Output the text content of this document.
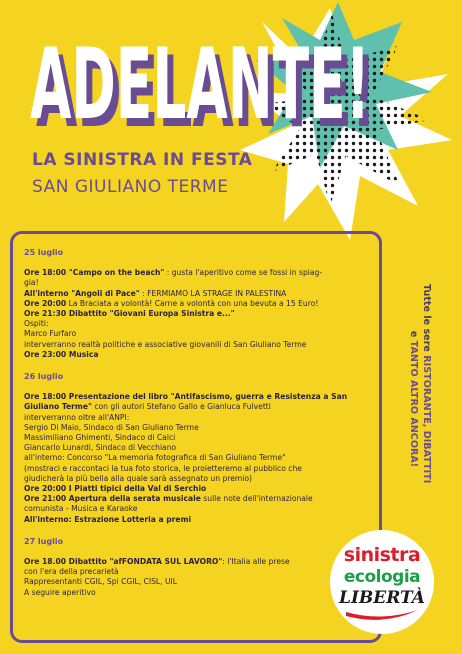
ADELANTE!
ADELANTE!
LA SINISTRA IN FESTA
SAN GIULIANO TERME
25 luglio

Ore 18:00 "Campo on the beach" : gusta l'aperitivo come se fossi in spiag-

gia!

All'interno "Angoli di Pace" : FERMIAMO LA STRAGE IN PALESTINA

Ore 20:00 La Braciata a volontà! Carne a volontà con una bevuta a 15 Euro!

Ore 21:30 Dibattito "Giovani Europa Sinistra e..."

Ospiti:

Marco Furfaro

interverranno realtà politiche e associative giovanili di San Giuliano Terme

Ore 23:00 Musica

26 luglio

Ore 18:00 Presentazione del libro "Antifascismo, guerra e Resistenza a San

Giuliano Terme" con gli autori Stefano Gallo e Gianluca Fulvetti

interverranno oltre all'ANPI:

Sergio Di Maio, Sindaco di San Giuliano Terme

Massimiliano Ghimenti, Sindaco di Calci

Giancarlo Lunardi, Sindaco di Vecchiano

all'interno: Concorso "La memoria fotografica di San Giuliano Terme"

(mostraci e raccontaci la tua foto storica, le proietteremo al pubblico che

giudicherà la più bella alla quale sarà assegnato un premio)

Ore 20:00 I Piatti tipici della Val di Serchio

Ore 21:00 Apertura della serata musicale sulle note dell'internazionale

comunista - Musica e Karaoke

All'interno: Estrazione Lotteria a premi

27 luglio

Ore 18.00 Dibattito "afFONDATA SUL LAVORO": l'Italia alle prese

con l'era della precarietà

Rappresentanti CGIL, Spi CGIL, CISL, UIL

A seguire aperitivo

Tutte le sere RISTORANTE, DIBATTITI
e TANTO ALTRO ANCORA!
sinistra
ecologia
LIBERTÀ
